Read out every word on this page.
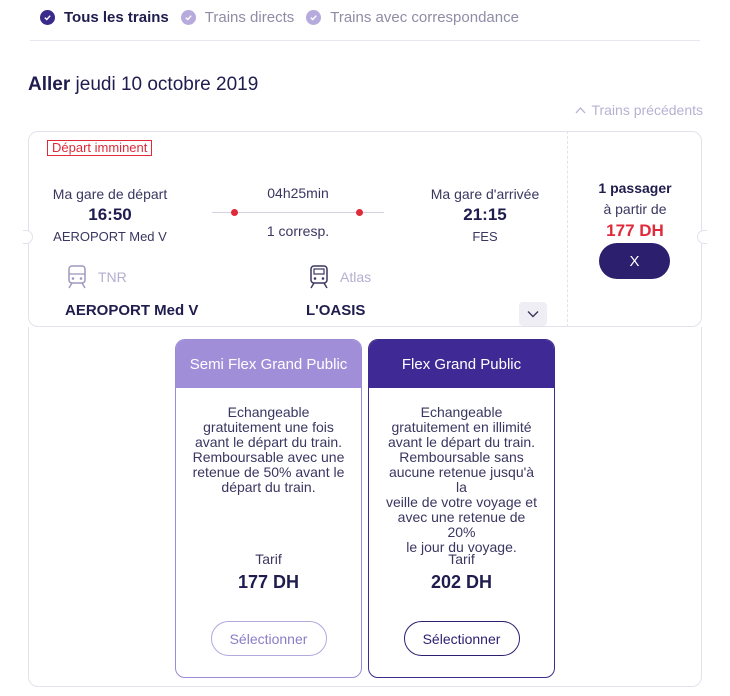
Tous les trains Trains directs Trains avec correspondance
Aller jeudi 10 octobre 2019
Trains précédents
Départ imminent
Ma gare de départ
16:50
AEROPORT Med V
04h25min
1 corresp.
Ma gare d'arrivée
21:15
FES
TNR
AEROPORT Med V
Atlas
L'OASIS
1 passager
à partir de
177 DH
X
Semi Flex Grand Public
Echangeable
gratuitement une fois
avant le départ du train.
Remboursable avec une
retenue de 50% avant le
départ du train.
Tarif
177 DH
Sélectionner
Flex Grand Public
Echangeable
gratuitement en illimité
avant le départ du train.
Remboursable sans
aucune retenue jusqu'à la
veille de votre voyage et
avec une retenue de 20%
le jour du voyage.
Tarif
202 DH
Sélectionner
